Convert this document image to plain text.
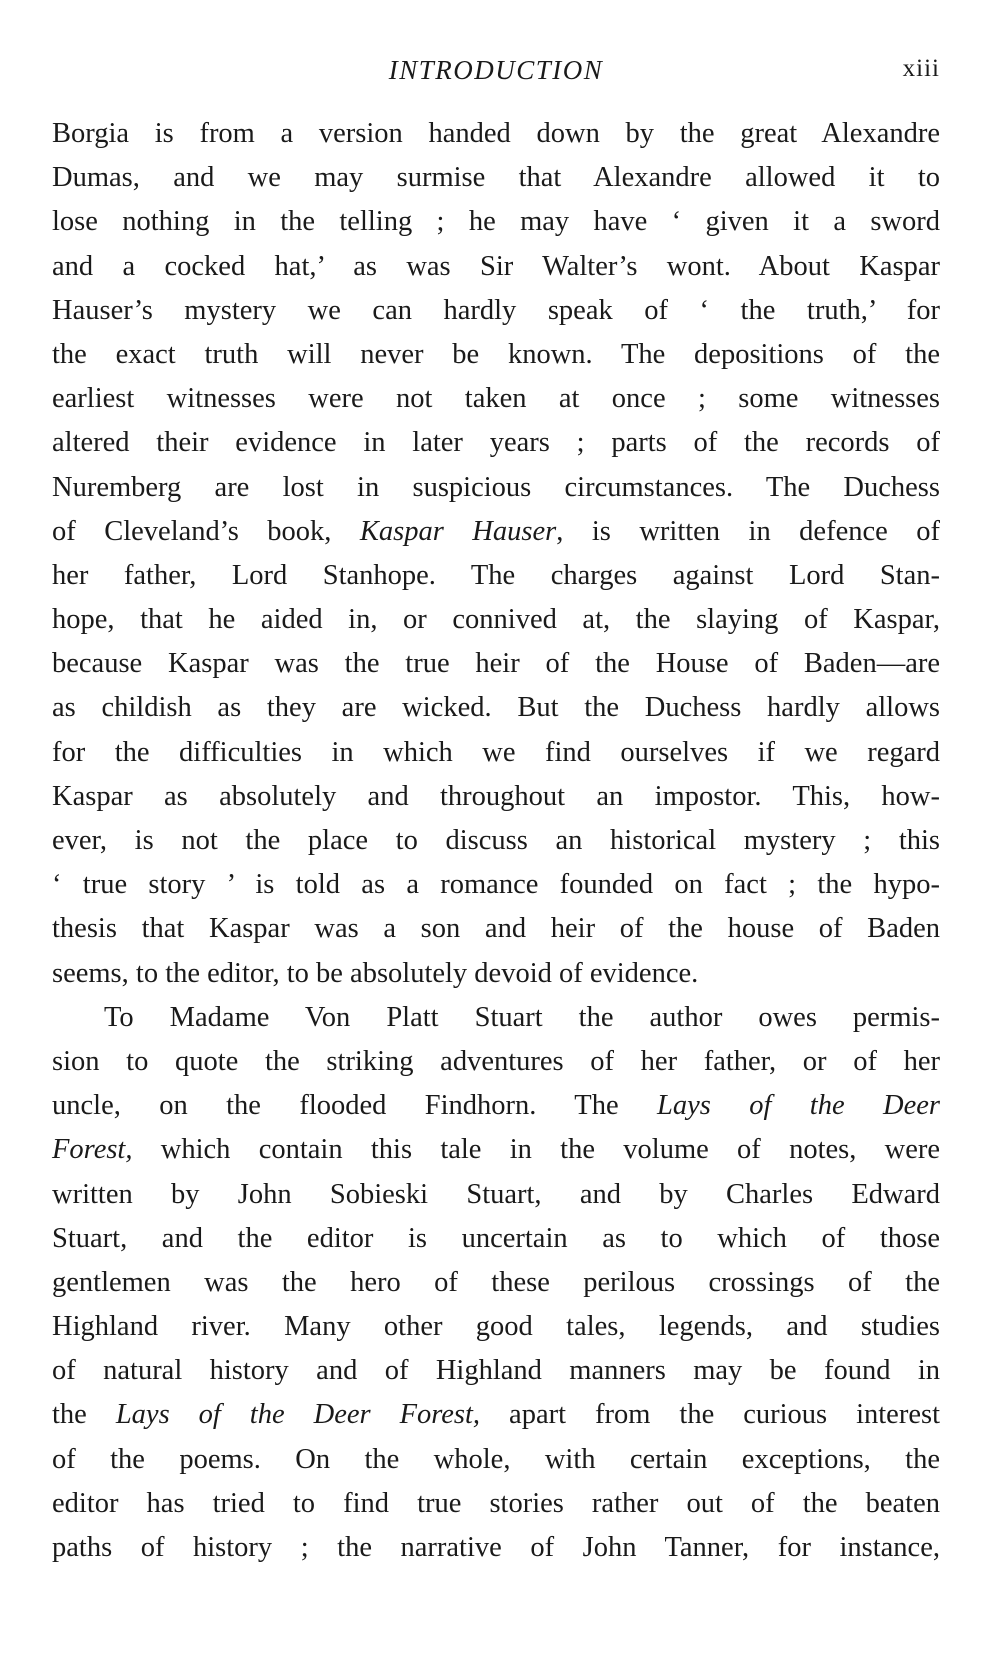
INTRODUCTION	xiii
Borgia is from a version handed down by the great Alexandre
Dumas, and we may surmise that Alexandre allowed it to
lose nothing in the telling ; he may have ‘ given it a sword
and a cocked hat,’ as was Sir Walter’s wont. About Kaspar
Hauser’s mystery we can hardly speak of ‘ the truth,’ for
the exact truth will never be known. The depositions of the
earliest witnesses were not taken at once ; some witnesses
altered their evidence in later years ; parts of the records of
Nuremberg are lost in suspicious circumstances. The Duchess
of Cleveland’s book, Kaspar Hauser, is written in defence of
her father, Lord Stanhope. The charges against Lord Stan-
hope, that he aided in, or connived at, the slaying of Kaspar,
because Kaspar was the true heir of the House of Baden—are
as childish as they are wicked. But the Duchess hardly allows
for the difficulties in which we find ourselves if we regard
Kaspar as absolutely and throughout an impostor. This, how-
ever, is not the place to discuss an historical mystery ; this
‘ true story ’ is told as a romance founded on fact ; the hypo-
thesis that Kaspar was a son and heir of the house of Baden
seems, to the editor, to be absolutely devoid of evidence.
To Madame Von Platt Stuart the author owes permis-
sion to quote the striking adventures of her father, or of her
uncle, on the flooded Findhorn. The Lays of the Deer
Forest, which contain this tale in the volume of notes, were
written by John Sobieski Stuart, and by Charles Edward
Stuart, and the editor is uncertain as to which of those
gentlemen was the hero of these perilous crossings of the
Highland river. Many other good tales, legends, and studies
of natural history and of Highland manners may be found in
the Lays of the Deer Forest, apart from the curious interest
of the poems. On the whole, with certain exceptions, the
editor has tried to find true stories rather out of the beaten
paths of history ; the narrative of John Tanner, for instance,
